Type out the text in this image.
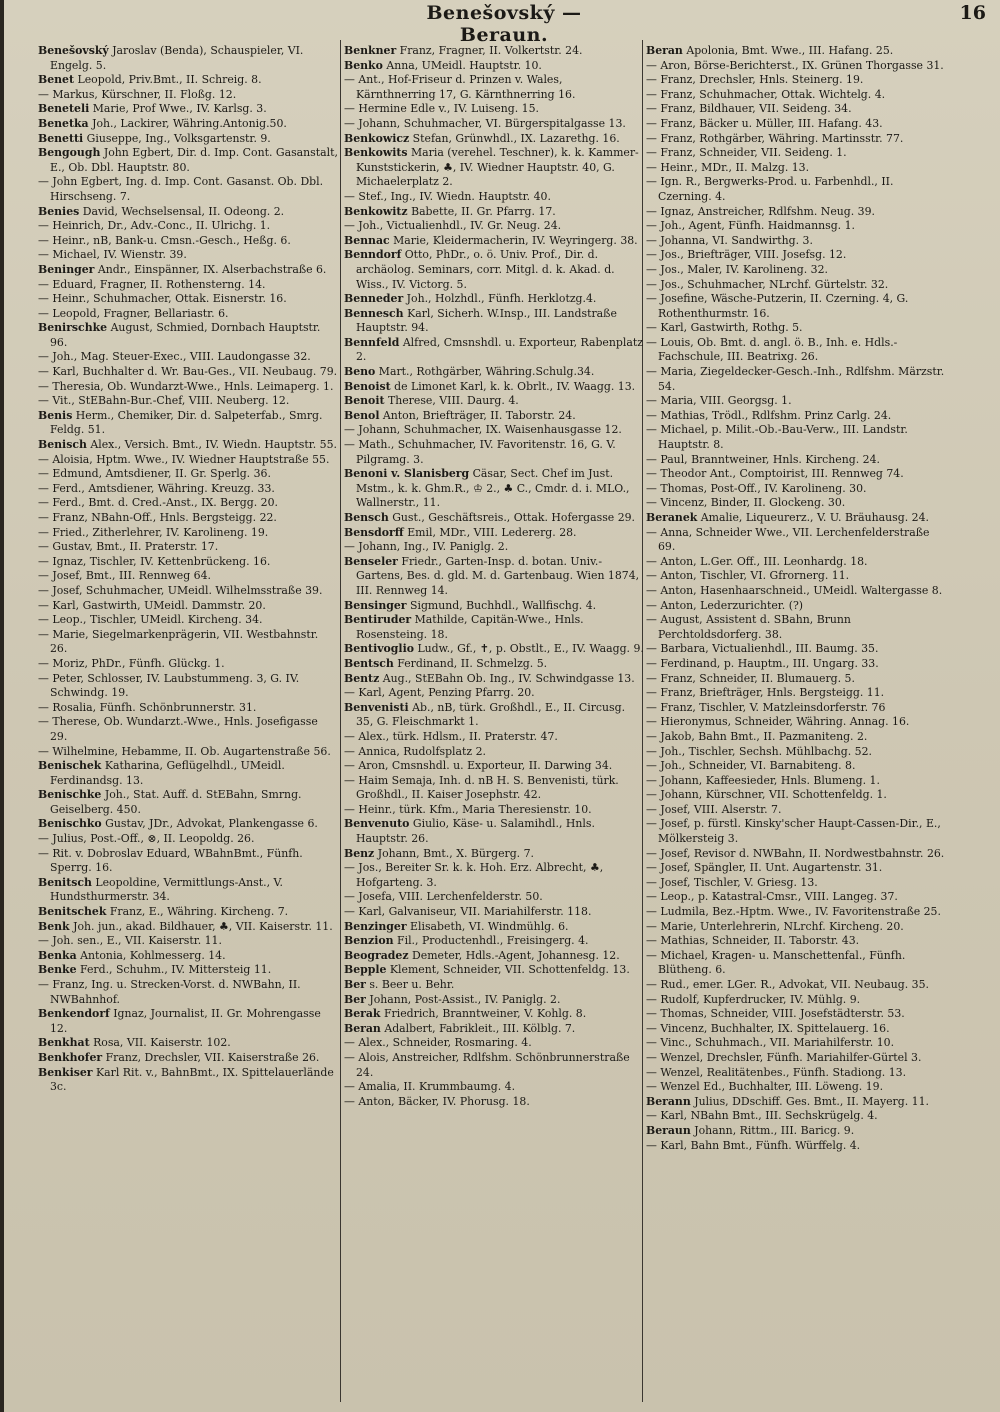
Benešovský — Beraun.
16

Benešovský Jaroslav (Benda), Schauspieler, VI. Engelg. 5.

Benet Leopold, Priv.Bmt., II. Schreig. 8.

— Markus, Kürschner, II. Floßg. 12.

Beneteli Marie, Prof Wwe., IV. Karlsg. 3.

Benetka Joh., Lackirer, Währing.Antonig.50.

Benetti Giuseppe, Ing., Volksgartenstr. 9.

Bengough John Egbert, Dir. d. Imp. Cont. Gasanstalt, E., Ob. Dbl. Hauptstr. 80.

— John Egbert, Ing. d. Imp. Cont. Gasanst. Ob. Dbl. Hirschseng. 7.

Benies David, Wechselsensal, II. Odeong. 2.

— Heinrich, Dr., Adv.-Conc., II. Ulrichg. 1.

— Heinr., nB, Bank-u. Cmsn.-Gesch., Heßg. 6.

— Michael, IV. Wienstr. 39.

Beninger Andr., Einspänner, IX. Alserbachstraße 6.

— Eduard, Fragner, II. Rothensterng. 14.

— Heinr., Schuhmacher, Ottak. Eisnerstr. 16.

— Leopold, Fragner, Bellariastr. 6.

Benirschke August, Schmied, Dornbach Hauptstr. 96.

— Joh., Mag. Steuer-Exec., VIII. Laudongasse 32.

— Karl, Buchhalter d. Wr. Bau-Ges., VII. Neubaug. 79.

— Theresia, Ob. Wundarzt-Wwe., Hnls. Leimaperg. 1.

— Vit., StEBahn-Bur.-Chef, VIII. Neuberg. 12.

Benis Herm., Chemiker, Dir. d. Salpeterfab., Smrg. Feldg. 51.

Benisch Alex., Versich. Bmt., IV. Wiedn. Hauptstr. 55.

— Aloisia, Hptm. Wwe., IV. Wiedner Hauptstraße 55.

— Edmund, Amtsdiener, II. Gr. Sperlg. 36.

— Ferd., Amtsdiener, Währing. Kreuzg. 33.

— Ferd., Bmt. d. Cred.-Anst., IX. Bergg. 20.

— Franz, NBahn-Off., Hnls. Bergsteigg. 22.

— Fried., Zitherlehrer, IV. Karolineng. 19.

— Gustav, Bmt., II. Praterstr. 17.

— Ignaz, Tischler, IV. Kettenbrückeng. 16.

— Josef, Bmt., III. Rennweg 64.

— Josef, Schuhmacher, UMeidl. Wilhelmsstraße 39.

— Karl, Gastwirth, UMeidl. Dammstr. 20.

— Leop., Tischler, UMeidl. Kircheng. 34.

— Marie, Siegelmarkenprägerin, VII. Westbahnstr. 26.

— Moriz, PhDr., Fünfh. Glückg. 1.

— Peter, Schlosser, IV. Laubstummeng. 3, G. IV. Schwindg. 19.

— Rosalia, Fünfh. Schönbrunnerstr. 31.

— Therese, Ob. Wundarzt.-Wwe., Hnls. Josefigasse 29.

— Wilhelmine, Hebamme, II. Ob. Augartenstraße 56.

Benischek Katharina, Geflügelhdl., UMeidl. Ferdinandsg. 13.

Benischke Joh., Stat. Auff. d. StEBahn, Smrng. Geiselberg. 450.

Benischko Gustav, JDr., Advokat, Plankengasse 6.

— Julius, Post.-Off., ⊗, II. Leopoldg. 26.

— Rit. v. Dobroslav Eduard, WBahnBmt., Fünfh. Sperrg. 16.

Benitsch Leopoldine, Vermittlungs-Anst., V. Hundsthurmerstr. 34.

Benitschek Franz, E., Währing. Kircheng. 7.

Benk Joh. jun., akad. Bildhauer, ♣, VII. Kaiserstr. 11.

— Joh. sen., E., VII. Kaiserstr. 11.

Benka Antonia, Kohlmesserg. 14.

Benke Ferd., Schuhm., IV. Mittersteig 11.

— Franz, Ing. u. Strecken-Vorst. d. NWBahn, II. NWBahnhof.

Benkendorf Ignaz, Journalist, II. Gr. Mohrengasse 12.

Benkhat Rosa, VII. Kaiserstr. 102.

Benkhofer Franz, Drechsler, VII. Kaiserstraße 26.

Benkiser Karl Rit. v., BahnBmt., IX. Spittelauerlände 3c.

Benkner Franz, Fragner, II. Volkertstr. 24.

Benko Anna, UMeidl. Hauptstr. 10.

— Ant., Hof-Friseur d. Prinzen v. Wales, Kärnthnerring 17, G. Kärnthnerring 16.

— Hermine Edle v., IV. Luiseng. 15.

— Johann, Schuhmacher, VI. Bürgerspitalgasse 13.

Benkowicz Stefan, Grünwhdl., IX. Lazarethg. 16.

Benkowits Maria (verehel. Teschner), k. k. Kammer-Kunststickerin, ♣, IV. Wiedner Hauptstr. 40, G. Michaelerplatz 2.

— Stef., Ing., IV. Wiedn. Hauptstr. 40.

Benkowitz Babette, II. Gr. Pfarrg. 17.

— Joh., Victualienhdl., IV. Gr. Neug. 24.

Bennac Marie, Kleidermacherin, IV. Weyringerg. 38.

Benndorf Otto, PhDr., o. ö. Univ. Prof., Dir. d. archäolog. Seminars, corr. Mitgl. d. k. Akad. d. Wiss., IV. Victorg. 5.

Benneder Joh., Holzhdl., Fünfh. Herklotzg.4.

Bennesch Karl, Sicherh. W.Insp., III. Landstraße Hauptstr. 94.

Bennfeld Alfred, Cmsnshdl. u. Exporteur, Rabenplatz 2.

Beno Mart., Rothgärber, Währing.Schulg.34.

Benoist de Limonet Karl, k. k. Obrlt., IV. Waagg. 13.

Benoit Therese, VIII. Daurg. 4.

Benol Anton, Briefträger, II. Taborstr. 24.

— Johann, Schuhmacher, IX. Waisenhausgasse 12.

— Math., Schuhmacher, IV. Favoritenstr. 16, G. V. Pilgramg. 3.

Benoni v. Slanisberg Cäsar, Sect. Chef im Just. Mstm., k. k. Ghm.R., ♔ 2., ♣ C., Cmdr. d. i. MLO., Wallnerstr., 11.

Bensch Gust., Geschäftsreis., Ottak. Hofergasse 29.

Bensdorff Emil, MDr., VIII. Ledererg. 28.

— Johann, Ing., IV. Paniglg. 2.

Benseler Friedr., Garten-Insp. d. botan. Univ.-Gartens, Bes. d. gld. M. d. Gartenbaug. Wien 1874, III. Rennweg 14.

Bensinger Sigmund, Buchhdl., Wallfischg. 4.

Bentiruder Mathilde, Capitän-Wwe., Hnls. Rosensteing. 18.

Bentivoglio Ludw., Gf., ✝, p. Obstlt., E., IV. Waagg. 9.

Bentsch Ferdinand, II. Schmelzg. 5.

Bentz Aug., StEBahn Ob. Ing., IV. Schwindgasse 13.

— Karl, Agent, Penzing Pfarrg. 20.

Benvenisti Ab., nB, türk. Großhdl., E., II. Circusg. 35, G. Fleischmarkt 1.

— Alex., türk. Hdlsm., II. Praterstr. 47.

— Annica, Rudolfsplatz 2.

— Aron, Cmsnshdl. u. Exporteur, II. Darwing 34.

— Haim Semaja, Inh. d. nB H. S. Benvenisti, türk. Großhdl., II. Kaiser Josephstr. 42.

— Heinr., türk. Kfm., Maria Theresienstr. 10.

Benvenuto Giulio, Käse- u. Salamihdl., Hnls. Hauptstr. 26.

Benz Johann, Bmt., X. Bürgerg. 7.

— Jos., Bereiter Sr. k. k. Hoh. Erz. Albrecht, ♣, Hofgarteng. 3.

— Josefa, VIII. Lerchenfelderstr. 50.

— Karl, Galvaniseur, VII. Mariahilferstr. 118.

Benzinger Elisabeth, VI. Windmühlg. 6.

Benzion Fil., Productenhdl., Freisingerg. 4.

Beogradez Demeter, Hdls.-Agent, Johannesg. 12.

Bepple Klement, Schneider, VII. Schottenfeldg. 13.

Ber s. Beer u. Behr.

Ber Johann, Post-Assist., IV. Paniglg. 2.

Berak Friedrich, Branntweiner, V. Kohlg. 8.

Beran Adalbert, Fabrikleit., III. Kölblg. 7.

— Alex., Schneider, Rosmaring. 4.

— Alois, Anstreicher, Rdlfshm. Schönbrunnerstraße 24.

— Amalia, II. Krummbaumg. 4.

— Anton, Bäcker, IV. Phorusg. 18.

Beran Apolonia, Bmt. Wwe., III. Hafang. 25.

— Aron, Börse-Berichterst., IX. Grünen Thorgasse 31.

— Franz, Drechsler, Hnls. Steinerg. 19.

— Franz, Schuhmacher, Ottak. Wichtelg. 4.

— Franz, Bildhauer, VII. Seideng. 34.

— Franz, Bäcker u. Müller, III. Hafang. 43.

— Franz, Rothgärber, Währing. Martinsstr. 77.

— Franz, Schneider, VII. Seideng. 1.

— Heinr., MDr., II. Malzg. 13.

— Ign. R., Bergwerks-Prod. u. Farbenhdl., II. Czerning. 4.

— Ignaz, Anstreicher, Rdlfshm. Neug. 39.

— Joh., Agent, Fünfh. Haidmannsg. 1.

— Johanna, VI. Sandwirthg. 3.

— Jos., Briefträger, VIII. Josefsg. 12.

— Jos., Maler, IV. Karolineng. 32.

— Jos., Schuhmacher, NLrchf. Gürtelstr. 32.

— Josefine, Wäsche-Putzerin, II. Czerning. 4, G. Rothenthurmstr. 16.

— Karl, Gastwirth, Rothg. 5.

— Louis, Ob. Bmt. d. angl. ö. B., Inh. e. Hdls.-Fachschule, III. Beatrixg. 26.

— Maria, Ziegeldecker-Gesch.-Inh., Rdlfshm. Märzstr. 54.

— Maria, VIII. Georgsg. 1.

— Mathias, Trödl., Rdlfshm. Prinz Carlg. 24.

— Michael, p. Milit.-Ob.-Bau-Verw., III. Landstr. Hauptstr. 8.

— Paul, Branntweiner, Hnls. Kircheng. 24.

— Theodor Ant., Comptoirist, III. Rennweg 74.

— Thomas, Post-Off., IV. Karolineng. 30.

— Vincenz, Binder, II. Glockeng. 30.

Beranek Amalie, Liqueurerz., V. U. Bräuhausg. 24.

— Anna, Schneider Wwe., VII. Lerchenfelderstraße 69.

— Anton, L.Ger. Off., III. Leonhardg. 18.

— Anton, Tischler, VI. Gfrornerg. 11.

— Anton, Hasenhaarschneid., UMeidl. Waltergasse 8.

— Anton, Lederzurichter. (?)

— August, Assistent d. SBahn, Brunn Perchtoldsdorferg. 38.

— Barbara, Victualienhdl., III. Baumg. 35.

— Ferdinand, p. Hauptm., III. Ungarg. 33.

— Franz, Schneider, II. Blumauerg. 5.

— Franz, Briefträger, Hnls. Bergsteigg. 11.

— Franz, Tischler, V. Matzleinsdorferstr. 76

— Hieronymus, Schneider, Währing. Annag. 16.

— Jakob, Bahn Bmt., II. Pazmaniteng. 2.

— Joh., Tischler, Sechsh. Mühlbachg. 52.

— Joh., Schneider, VI. Barnabiteng. 8.

— Johann, Kaffeesieder, Hnls. Blumeng. 1.

— Johann, Kürschner, VII. Schottenfeldg. 1.

— Josef, VIII. Alserstr. 7.

— Josef, p. fürstl. Kinsky'scher Haupt-Cassen-Dir., E., Mölkersteig 3.

— Josef, Revisor d. NWBahn, II. Nordwestbahnstr. 26.

— Josef, Spängler, II. Unt. Augartenstr. 31.

— Josef, Tischler, V. Griesg. 13.

— Leop., p. Katastral-Cmsr., VIII. Langeg. 37.

— Ludmila, Bez.-Hptm. Wwe., IV. Favoritenstraße 25.

— Marie, Unterlehrerin, NLrchf. Kircheng. 20.

— Mathias, Schneider, II. Taborstr. 43.

— Michael, Kragen- u. Manschettenfal., Fünfh. Blütheng. 6.

— Rud., emer. LGer. R., Advokat, VII. Neubaug. 35.

— Rudolf, Kupferdrucker, IV. Mühlg. 9.

— Thomas, Schneider, VIII. Josefstädterstr. 53.

— Vincenz, Buchhalter, IX. Spittelauerg. 16.

— Vinc., Schuhmach., VII. Mariahilferstr. 10.

— Wenzel, Drechsler, Fünfh. Mariahilfer-Gürtel 3.

— Wenzel, Realitätenbes., Fünfh. Stadiong. 13.

— Wenzel Ed., Buchhalter, III. Löweng. 19.

Berann Julius, DDschiff. Ges. Bmt., II. Mayerg. 11.

— Karl, NBahn Bmt., III. Sechskrügelg. 4.

Beraun Johann, Rittm., III. Baricg. 9.

— Karl, Bahn Bmt., Fünfh. Würffelg. 4.
